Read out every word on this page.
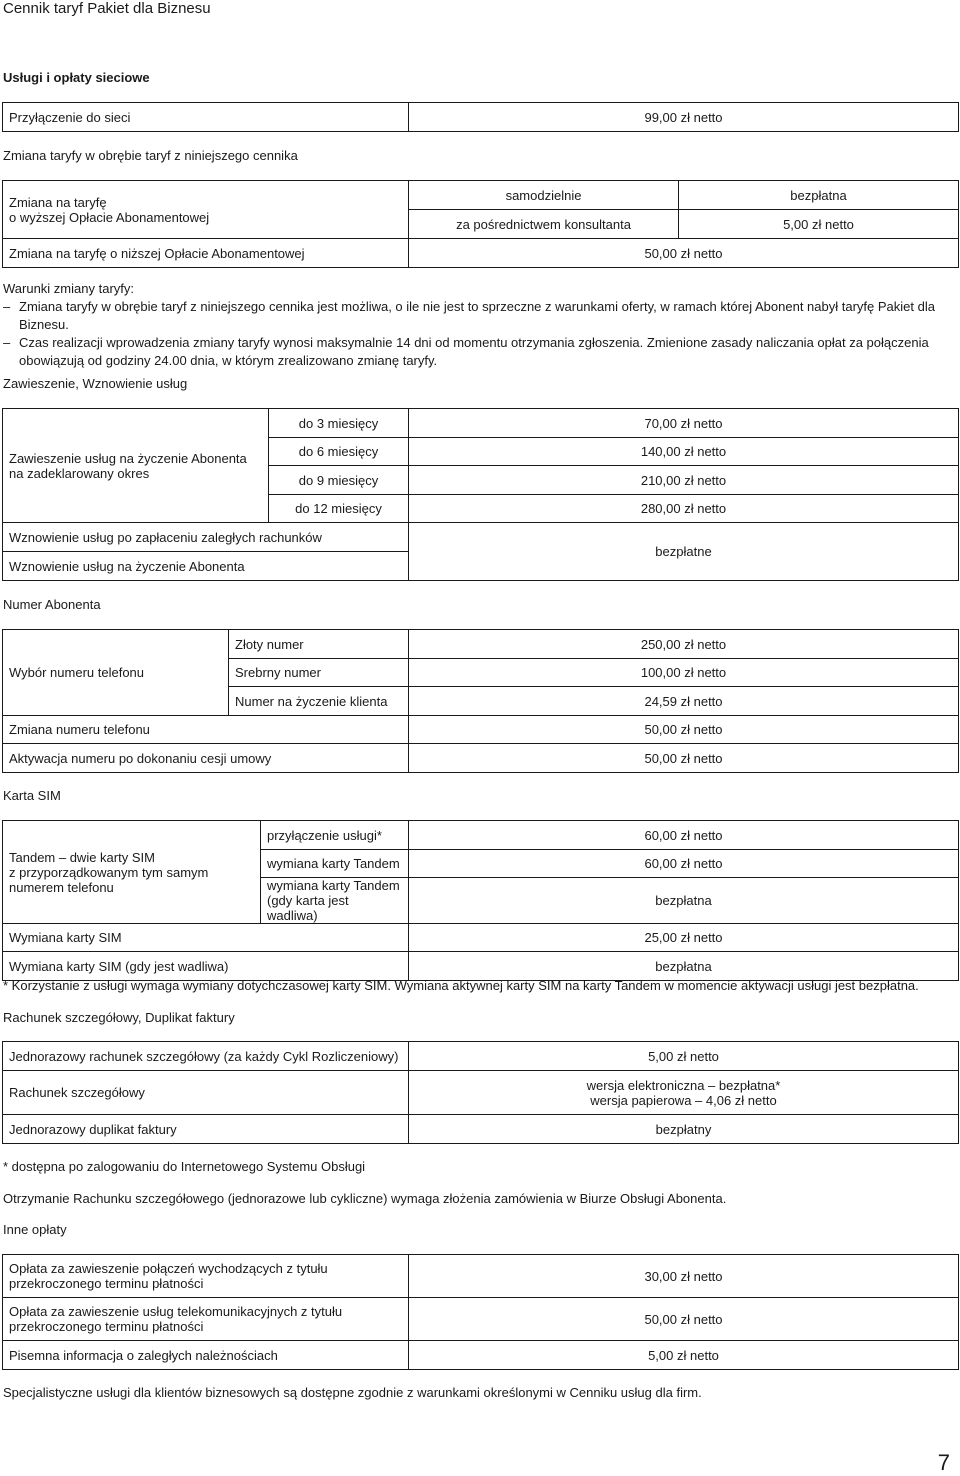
Cennik taryf Pakiet dla Biznesu
Usługi i opłaty sieciowe
Przyłączenie do sieci	99,00 zł netto
Zmiana taryfy w obrębie taryf z niniejszego cennika
Zmiana na taryfę
o wyższej Opłacie Abonamentowej	samodzielnie	bezpłatna
	za pośrednictwem konsultanta	5,00 zł netto
Zmiana na taryfę o niższej Opłacie Abonamentowej	50,00 zł netto	
Warunki zmiany taryfy:
– Zmiana taryfy w obrębie taryf z niniejszego cennika jest możliwa, o ile nie jest to sprzeczne z warunkami oferty, w ramach której Abonent nabył taryfę Pakiet dla Biznesu.
– Czas realizacji wprowadzenia zmiany taryfy wynosi maksymalnie 14 dni od momentu otrzymania zgłoszenia. Zmienione zasady naliczania opłat za połączenia obowiązują od godziny 24.00 dnia, w którym zrealizowano zmianę taryfy.
Zawieszenie, Wznowienie usług
Zawieszenie usług na życzenie Abonenta
na zadeklarowany okres	do 3 miesięcy	70,00 zł netto
	do 6 miesięcy	140,00 zł netto
	do 9 miesięcy	210,00 zł netto
	do 12 miesięcy	280,00 zł netto
Wznowienie usług po zapłaceniu zaległych rachunków		bezpłatne
Wznowienie usług na życzenie Abonenta		
Numer Abonenta
Wybór numeru telefonu	Złoty numer	250,00 zł netto
	Srebrny numer	100,00 zł netto
	Numer na życzenie klienta	24,59 zł netto
Zmiana numeru telefonu		50,00 zł netto
Aktywacja numeru po dokonaniu cesji umowy		50,00 zł netto
Karta SIM
Tandem – dwie karty SIM
z przyporządkowanym tym samym
numerem telefonu	przyłączenie usługi*	60,00 zł netto
	wymiana karty Tandem	60,00 zł netto

	wymiana karty Tandem
(gdy karta jest wadliwa)	bezpłatna
Wymiana karty SIM		25,00 zł netto
Wymiana karty SIM (gdy jest wadliwa)		bezpłatna
* Korzystanie z usługi wymaga wymiany dotychczasowej karty SIM. Wymiana aktywnej karty SIM na karty Tandem w momencie aktywacji usługi jest bezpłatna.
Rachunek szczegółowy, Duplikat faktury
Jednorazowy rachunek szczegółowy (za każdy Cykl Rozliczeniowy)	5,00 zł netto
Rachunek szczegółowy	wersja elektroniczna – bezpłatna*
wersja papierowa – 4,06 zł netto

Jednorazowy duplikat faktury	bezpłatny
* dostępna po zalogowaniu do Internetowego Systemu Obsługi
Otrzymanie Rachunku szczegółowego (jednorazowe lub cykliczne) wymaga złożenia zamówienia w Biurze Obsługi Abonenta.
Inne opłaty
Opłata za zawieszenie połączeń wychodzących z tytułu
przekroczonego terminu płatności	30,00 zł netto

Opłata za zawieszenie usług telekomunikacyjnych z tytułu
przekroczonego terminu płatności	50,00 zł netto
Pisemna informacja o zaległych należnościach	5,00 zł netto
Specjalistyczne usługi dla klientów biznesowych są dostępne zgodnie z warunkami określonymi w Cenniku usług dla firm.
7
